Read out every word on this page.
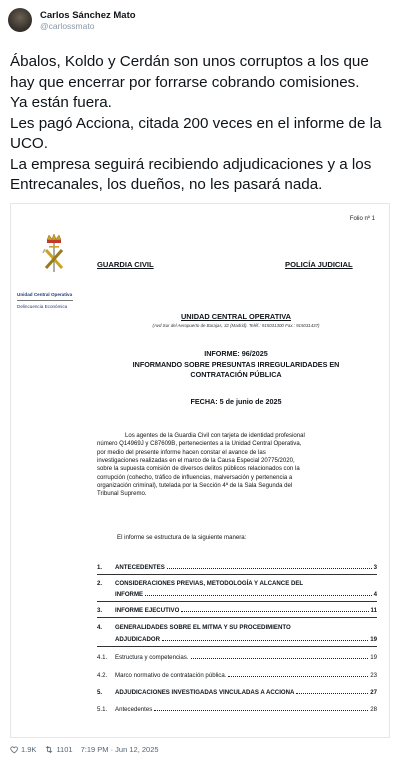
Carlos Sánchez Mato
@carlossmato

Ábalos, Koldo y Cerdán son unos corruptos a los que hay que encerrar por forrarse cobrando comisiones.

Ya están fuera.

Les pagó Acciona, citada 200 veces en el informe de la UCO.

La empresa seguirá recibiendo adjudicaciones y a los Entrecanales, los dueños, no les pasará nada.

Folio nº 1
Unidad Central Operativa
Delincuencia Económica
GUARDIA CIVIL	POLICÍA JUDICIAL
UNIDAD CENTRAL OPERATIVA
(Avd Sur del Aeropuerto de Barajas, 32 (Madrid). Teléf.: 915031300 Fax.: 915031437)
INFORME: 96/2025
INFORMANDO SOBRE PRESUNTAS IRREGULARIDADES EN
CONTRATACIÓN PÚBLICA
FECHA: 5 de junio de 2025
Los agentes de la Guardia Civil con tarjeta de identidad profesional
número Q14969J y C87609B, pertenecientes a la Unidad Central Operativa,
por medio del presente informe hacen constar el avance de las
investigaciones realizadas en el marco de la Causa Especial 20775/2020,
sobre la supuesta comisión de diversos delitos públicos relacionados con la
corrupción (cohecho, tráfico de influencias, malversación y pertenencia a
organización criminal), tutelada por la Sección 4ª de la Sala Segunda del
Tribunal Supremo.
El informe se estructura de la siguiente manera:
1.	ANTECEDENTES	3
2.	CONSIDERACIONES PREVIAS, METODOLOGÍA Y ALCANCE DEL
INFORME	4
3.	INFORME EJECUTIVO	11
4.	GENERALIDADES SOBRE EL MITMA Y SU PROCEDIMIENTO
ADJUDICADOR	19
4.1.	Estructura y competencias.	19
4.2.	Marco normativo de contratación pública.	23
5.	ADJUDICACIONES INVESTIGADAS VINCULADAS A ACCIONA	27
5.1.	Antecedentes	28
1.9K	1101 7:19 PM · Jun 12, 2025
